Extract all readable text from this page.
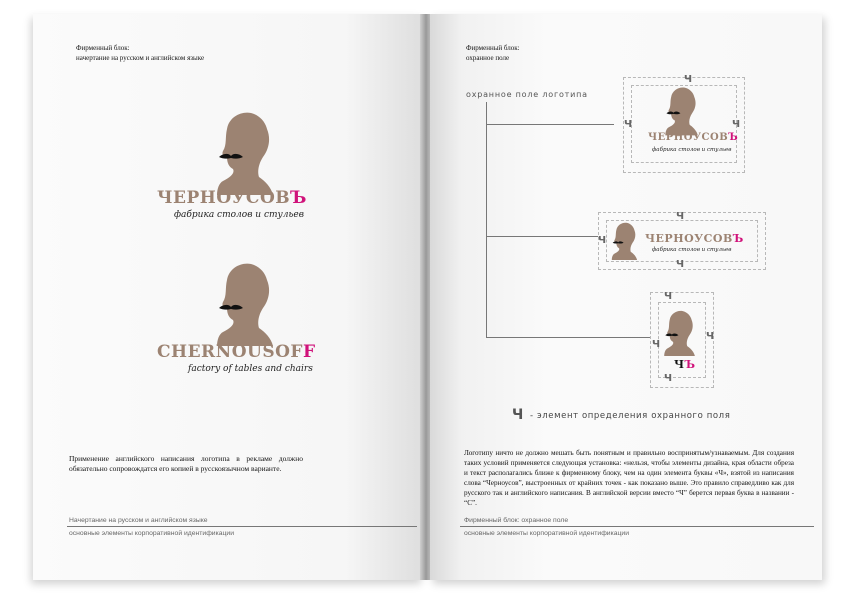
Фирменный блок:
начертание на русском и английском языке
ЧЕРНОУСОВЪ
фабрика столов и стульев
CHERNOUSOFF
factory of tables and chairs
Применение английского написания логотипа в рекламе должно обязательно сопровождатся его копией в русскоязычном варианте.
Начертание на русском и английском языке
основные элементы корпоративной идентификации
Фирменный блок:
охранное поле
охранное поле логотипа
ЧЕРНОУСОВЪ
фабрика столов и стульев
Ч
Ч	Ч
ЧЕРНОУСОВЪ
фабрика столов и стульев
Ч
Ч
Ч
ЧЪ
Ч
Ч
Ч
Ч
Ч - элемент определения охранного поля
Логотипу ничто не должно мешать быть понятным и правильно воспринятым/узнаваемым. Для создания таких условий применяется следующая установка: «нельзя, чтобы элементы дизайна, края области обреза и текст располагались ближе к фирменному блоку, чем на один элемента буквы «Ч», взятой из написания слова “Черноусов”, выстроенных от крайних точек - как показано выше. Это правило справедливо как для русского так и английского написания. В английской версии вместо “Ч” берется первая буква в названии - “С”.
Фирменный блок: охранное поле
основные элементы корпоративной идентификации
